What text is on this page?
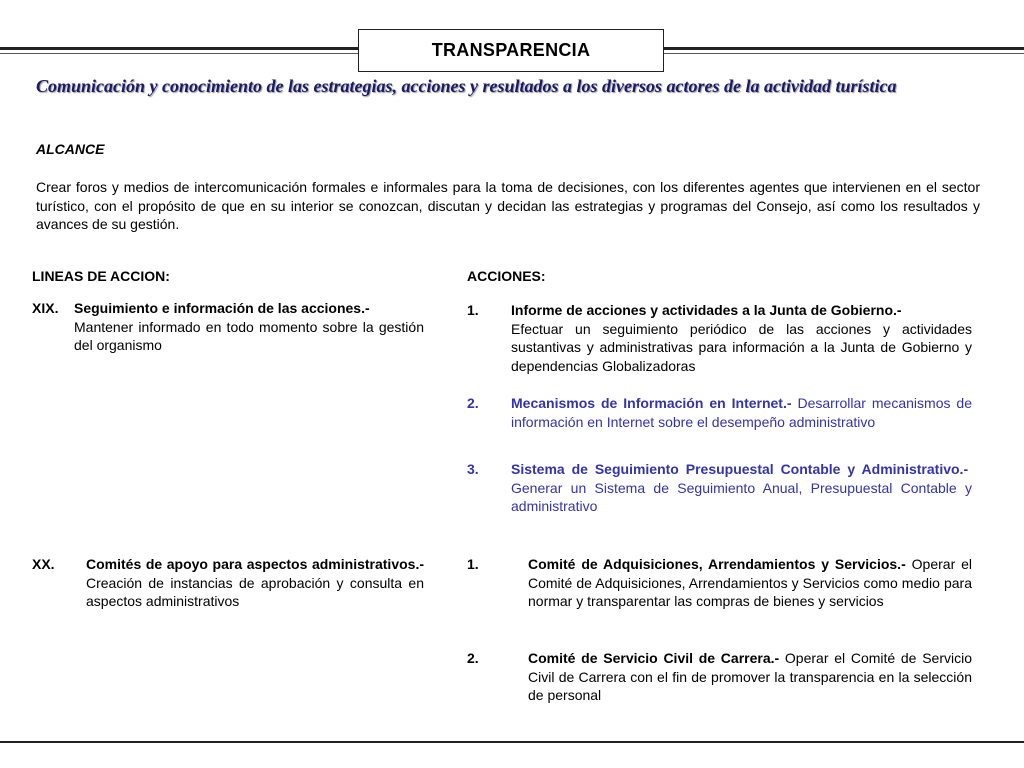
TRANSPARENCIA
Comunicación y conocimiento de las estrategias, acciones y resultados a los diversos actores de la actividad turística
ALCANCE
Crear foros y medios de intercomunicación formales e informales para la toma de decisiones, con los diferentes agentes que intervienen en el sector turístico, con el propósito de que en su interior se conozcan, discutan y decidan las estrategias y programas del Consejo, así como los resultados y avances de su gestión.
LINEAS DE ACCION:	ACCIONES:
XIX. Seguimiento e información de las acciones.-
Mantener informado en todo momento sobre la gestión del organismo
XX. Comités de apoyo para aspectos administrativos.- Creación de instancias de aprobación y consulta en aspectos administrativos
1. Informe de acciones y actividades a la Junta de Gobierno.-
Efectuar un seguimiento periódico de las acciones y actividades sustantivas y administrativas para información a la Junta de Gobierno y dependencias Globalizadoras
2. Mecanismos de Información en Internet.- Desarrollar mecanismos de información en Internet sobre el desempeño administrativo
3. Sistema de Seguimiento Presupuestal Contable y Administrativo.-  Generar un Sistema de Seguimiento Anual, Presupuestal Contable y administrativo
1.	Comité de Adquisiciones, Arrendamientos y Servicios.- Operar el Comité de Adquisiciones, Arrendamientos y Servicios como medio para normar y transparentar las compras de bienes y servicios
2.	Comité de Servicio Civil de Carrera.- Operar el Comité de Servicio Civil de Carrera con el fin de promover la transparencia en la selección de personal
